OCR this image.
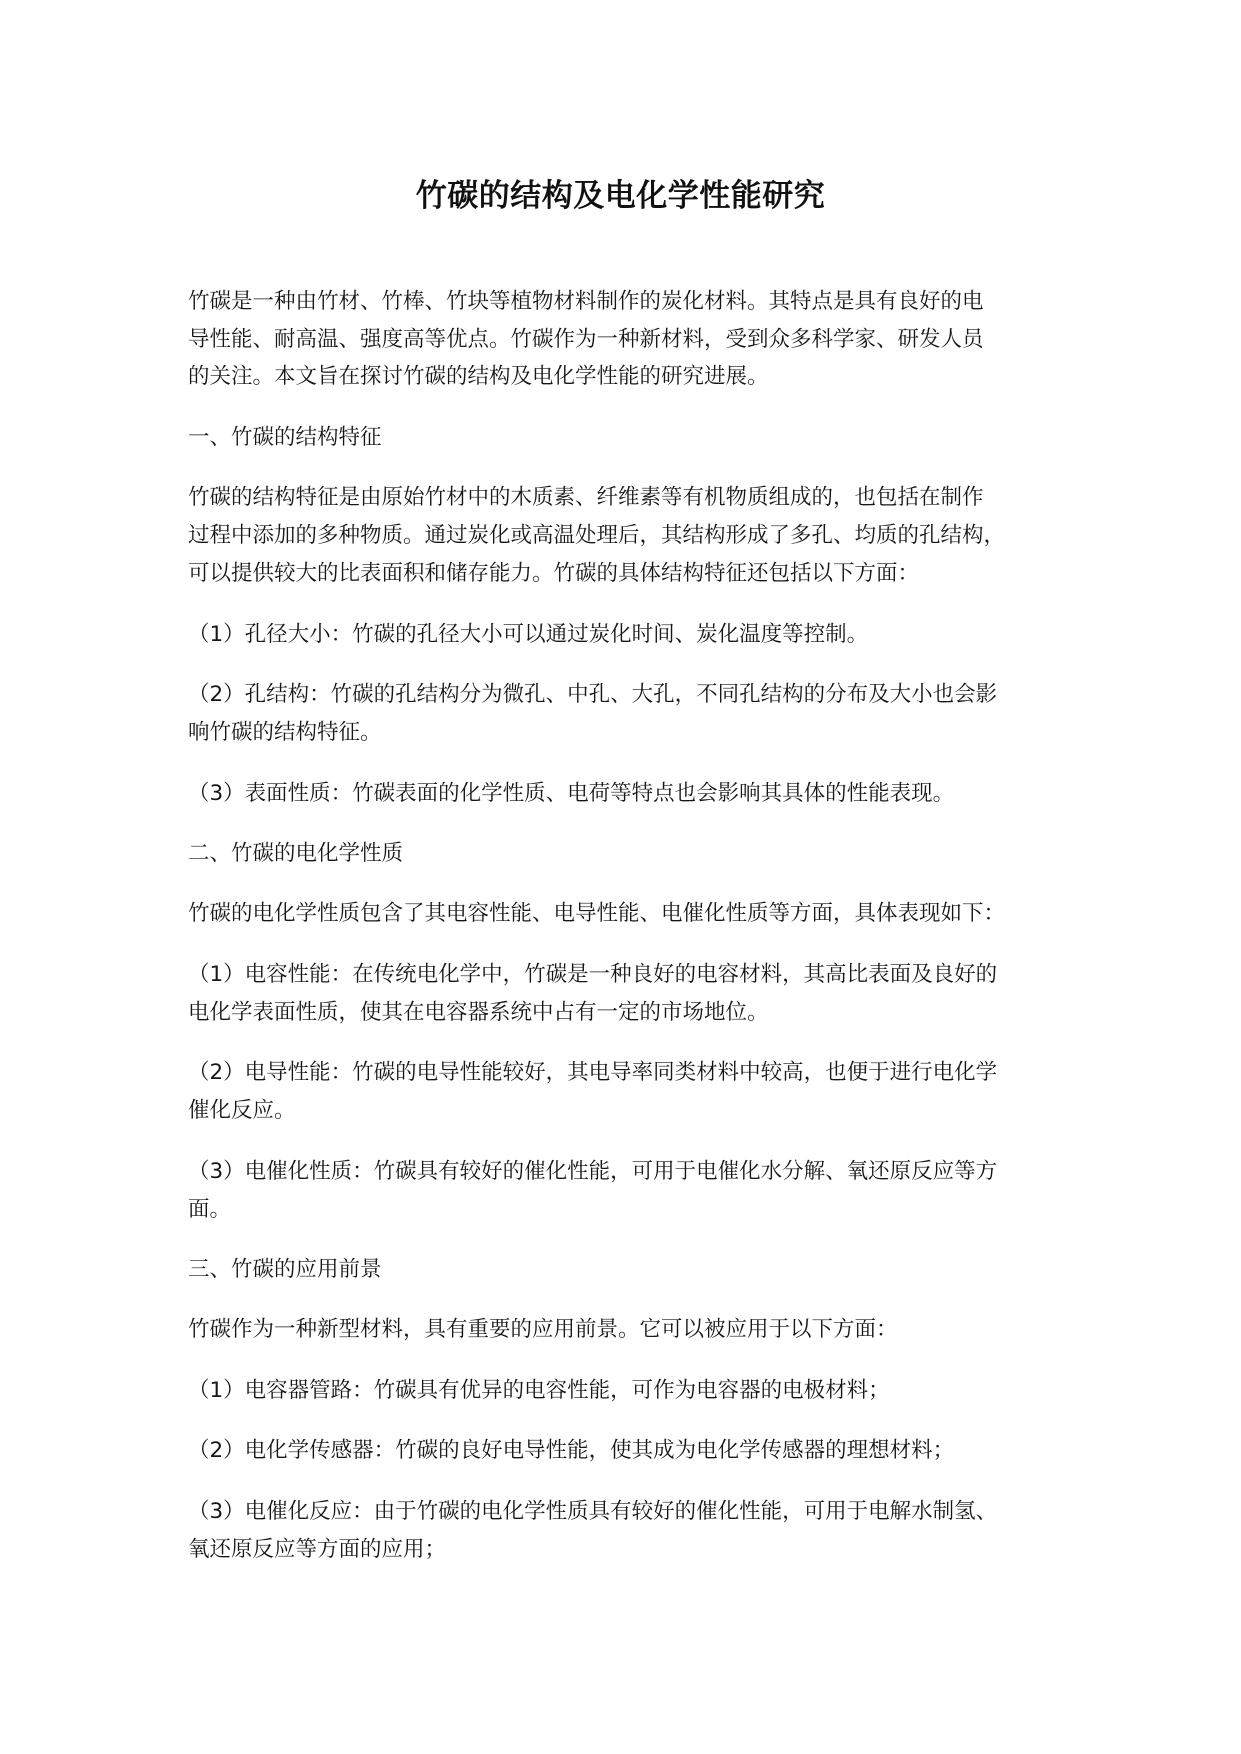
竹碳的结构及电化学性能研究
竹碳是一种由竹材、竹棒、竹块等植物材料制作的炭化材料。其特点是具有良好的电
导性能、耐高温、强度高等优点。竹碳作为一种新材料，受到众多科学家、研发人员
的关注。本文旨在探讨竹碳的结构及电化学性能的研究进展。
一、竹碳的结构特征
竹碳的结构特征是由原始竹材中的木质素、纤维素等有机物质组成的，也包括在制作
过程中添加的多种物质。通过炭化或高温处理后，其结构形成了多孔、均质的孔结构，
可以提供较大的比表面积和储存能力。竹碳的具体结构特征还包括以下方面：
（1）孔径大小：竹碳的孔径大小可以通过炭化时间、炭化温度等控制。
（2）孔结构：竹碳的孔结构分为微孔、中孔、大孔，不同孔结构的分布及大小也会影
响竹碳的结构特征。
（3）表面性质：竹碳表面的化学性质、电荷等特点也会影响其具体的性能表现。
二、竹碳的电化学性质
竹碳的电化学性质包含了其电容性能、电导性能、电催化性质等方面，具体表现如下：
（1）电容性能：在传统电化学中，竹碳是一种良好的电容材料，其高比表面及良好的
电化学表面性质，使其在电容器系统中占有一定的市场地位。
（2）电导性能：竹碳的电导性能较好，其电导率同类材料中较高，也便于进行电化学
催化反应。
（3）电催化性质：竹碳具有较好的催化性能，可用于电催化水分解、氧还原反应等方
面。
三、竹碳的应用前景
竹碳作为一种新型材料，具有重要的应用前景。它可以被应用于以下方面：
（1）电容器管路：竹碳具有优异的电容性能，可作为电容器的电极材料；
（2）电化学传感器：竹碳的良好电导性能，使其成为电化学传感器的理想材料；
（3）电催化反应：由于竹碳的电化学性质具有较好的催化性能，可用于电解水制氢、
氧还原反应等方面的应用；
